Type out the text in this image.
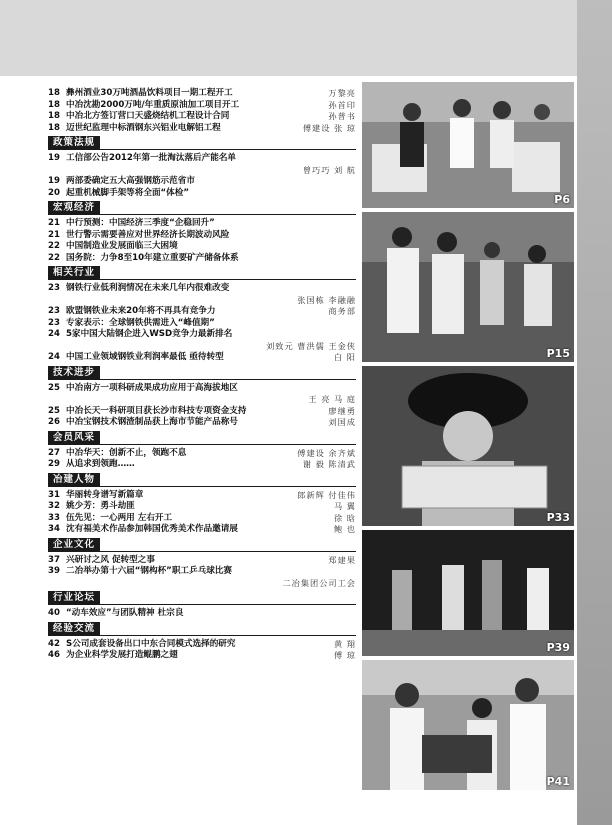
18 彝州酒业30万吨酒晶饮料项目一期工程开工	万黎亮
18 中冶沈勘2000万吨/年重质原油加工项目开工	孙首印
18 中冶北方签订营口天盛烧结机工程设计合同	孙普书
18 迈世纪监理中标酒钢东兴铝业电解铝工程	傅建设 张 琼
政策法规
19 工信部公告2012年第一批淘汰落后产能名单
曾巧巧 刘 航
19 两部委确定五大高强钢筋示范省市
20 起重机械脚手架等将全面“体检”
宏观经济
21 中行预测：中国经济三季度“企稳回升”
21 世行警示需要善应对世界经济长期波动风险
22 中国制造业发展面临三大困境
22 国务院：力争8至10年建立重要矿产储备体系
相关行业
23 钢铁行业低利润情况在未来几年内很难改变
张国栋 李融融
23 欧盟钢铁业未来20年将不再具有竞争力	商务部
23 专家表示：全球钢铁供需进入“峰值期”
24 5家中国大陆钢企进入WSD竞争力最新排名
刘致元 曹洪儒 王金侠
24 中国工业领域钢铁业利润率最低 亟待转型	白 阳
技术进步
25 中冶南方一项科研成果成功应用于高海拔地区
王 亮 马 庭
25 中冶长天一科研项目获长沙市科技专项资金支持	廖继勇
26 中冶宝钢技术钢渣制品获上海市节能产品称号	刘国成
会员风采
27 中冶华天：创新不止，领跑不息	傅建设 余齐斌
29 从追求到领跑……	谢 毅 陈清武
冶建人物
31 华丽转身谱写新篇章	郎新辉 付佳伟
32 姚少芳：勇斗劫匪	马 翼
33 伍先见：一心两用 左右开工	徐 晗
34 沈有福美术作品参加韩国优秀美术作品邀请展	鲍 也
企业文化
37 兴研讨之风 促转型之事	郑建果
39 二冶举办第十六届“钢构杯”职工乒乓球比赛
二冶集团公司工会
行业论坛
40 “动车效应”与团队精神 杜宗良
经验交流
42 S公司成套设备出口中东合同模式选择的研究	黄 翔
46 为企业科学发展打造鲲鹏之翅	傅 琼
P6
P15
P33
P39
P41
